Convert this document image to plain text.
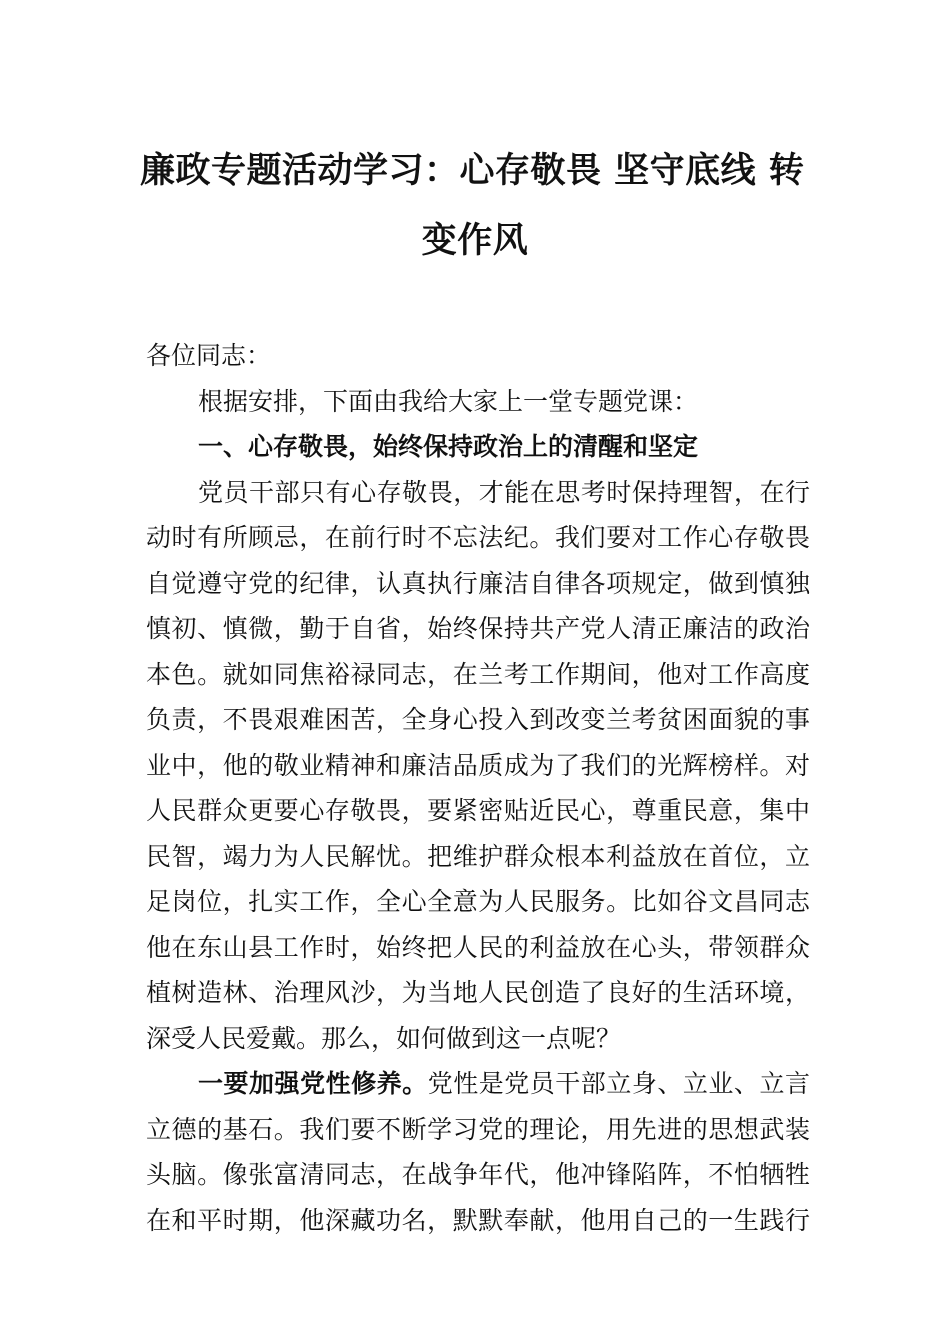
廉政专题活动学习：心存敬畏 坚守底线 转
变作风
各位同志：
根据安排，下面由我给大家上一堂专题党课：
一、心存敬畏，始终保持政治上的清醒和坚定
党员干部只有心存敬畏，才能在思考时保持理智，在行
动时有所顾忌，在前行时不忘法纪。我们要对工作心存敬畏
自觉遵守党的纪律，认真执行廉洁自律各项规定，做到慎独
慎初、慎微，勤于自省，始终保持共产党人清正廉洁的政治
本色。就如同焦裕禄同志，在兰考工作期间，他对工作高度
负责，不畏艰难困苦，全身心投入到改变兰考贫困面貌的事
业中，他的敬业精神和廉洁品质成为了我们的光辉榜样。对
人民群众更要心存敬畏，要紧密贴近民心，尊重民意，集中
民智，竭力为人民解忧。把维护群众根本利益放在首位，立
足岗位，扎实工作，全心全意为人民服务。比如谷文昌同志
他在东山县工作时，始终把人民的利益放在心头，带领群众
植树造林、治理风沙，为当地人民创造了良好的生活环境，
深受人民爱戴。那么，如何做到这一点呢？
一要加强党性修养。党性是党员干部立身、立业、立言
立德的基石。我们要不断学习党的理论，用先进的思想武装
头脑。像张富清同志，在战争年代，他冲锋陷阵，不怕牺牲
在和平时期，他深藏功名，默默奉献，他用自己的一生践行
